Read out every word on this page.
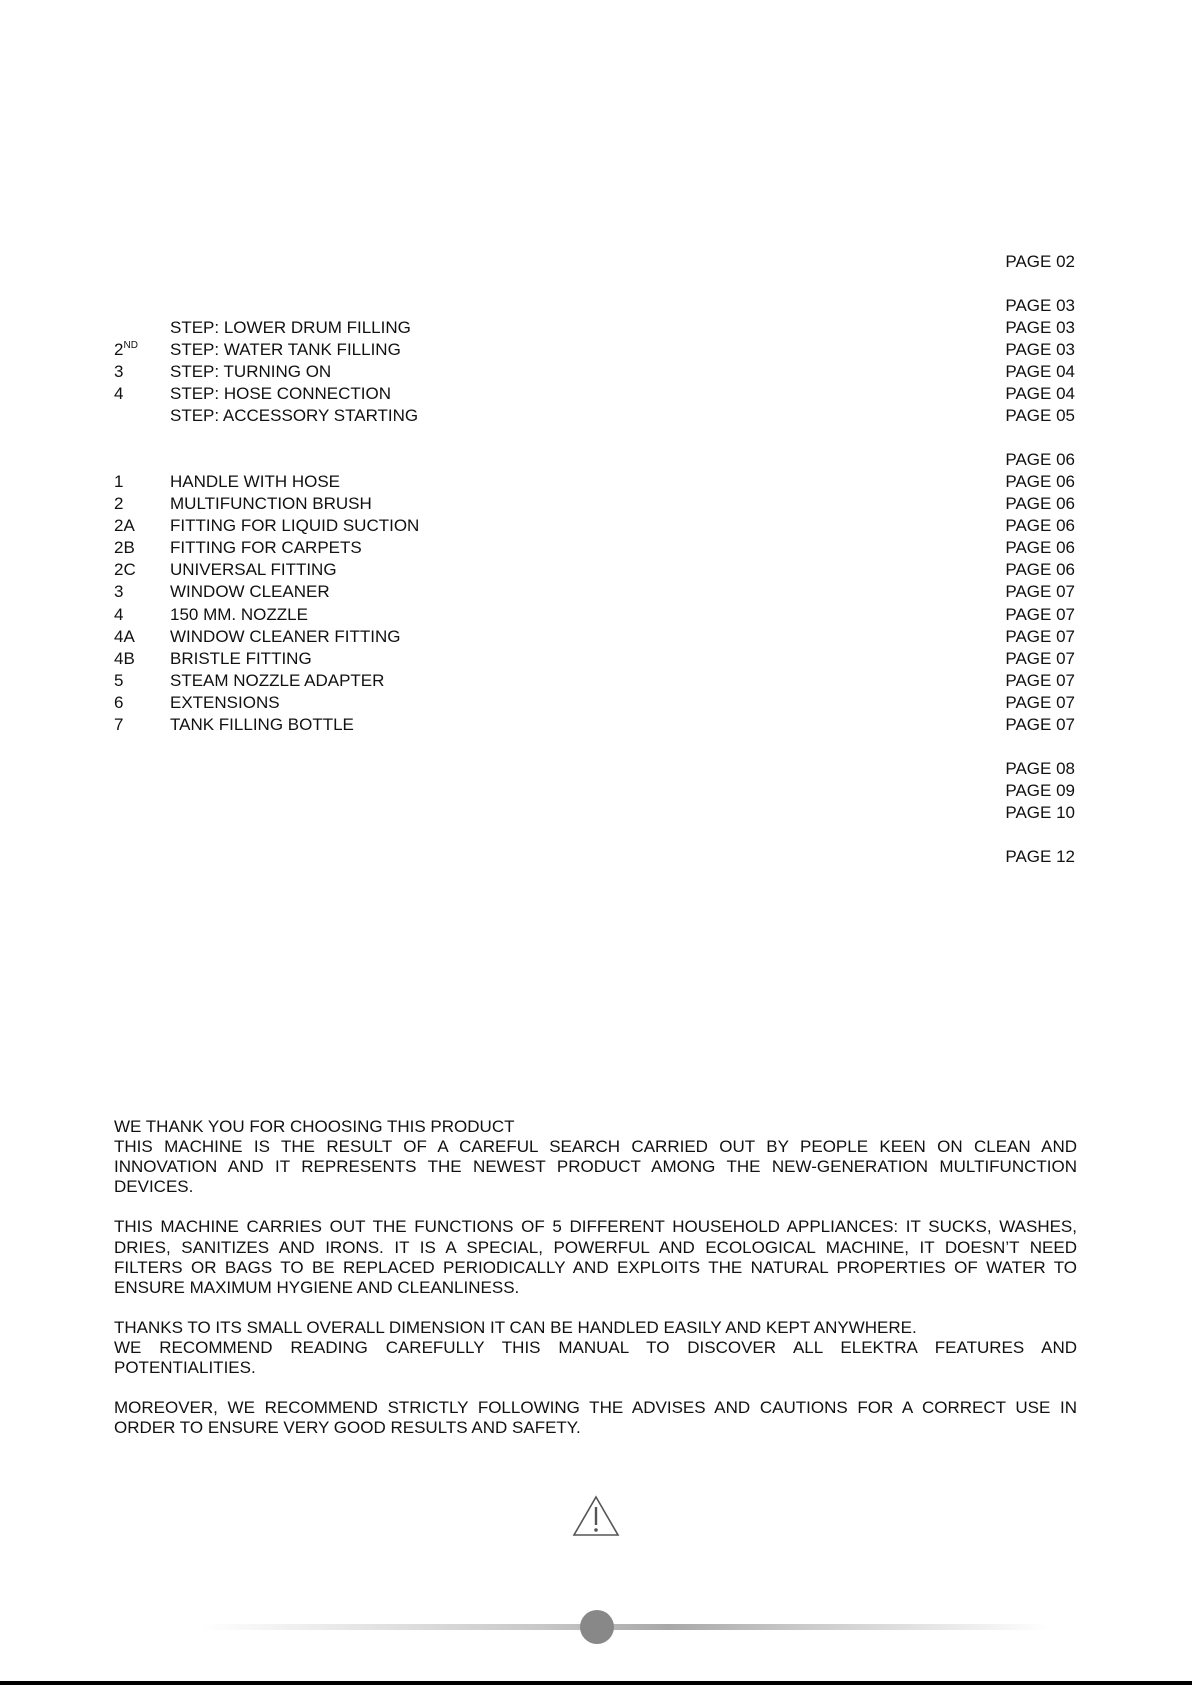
PAGE 02
PAGE 03
STEP: LOWER DRUM FILLING	PAGE 03
2ND STEP: WATER TANK FILLING	PAGE 03
3	STEP: TURNING ON	PAGE 04
4	STEP: HOSE CONNECTION	PAGE 04
STEP: ACCESSORY STARTING	PAGE 05
PAGE 06
1	HANDLE WITH HOSE	PAGE 06
2	MULTIFUNCTION BRUSH	PAGE 06
2A FITTING FOR LIQUID SUCTION	PAGE 06
2B FITTING FOR CARPETS	PAGE 06
2C UNIVERSAL FITTING	PAGE 06
3	WINDOW CLEANER	PAGE 07
4	150 MM. NOZZLE	PAGE 07
4A WINDOW CLEANER FITTING	PAGE 07
4B BRISTLE FITTING	PAGE 07
5	STEAM NOZZLE ADAPTER	PAGE 07
6	EXTENSIONS	PAGE 07
7	TANK FILLING BOTTLE	PAGE 07
PAGE 08
PAGE 09
PAGE 10
PAGE 12
WE THANK YOU FOR CHOOSING THIS PRODUCT
THIS MACHINE IS THE RESULT OF A CAREFUL SEARCH CARRIED OUT BY PEOPLE KEEN ON CLEAN AND
INNOVATION AND IT REPRESENTS THE NEWEST PRODUCT AMONG THE NEW-GENERATION MULTIFUNCTION
DEVICES.
THIS MACHINE CARRIES OUT THE FUNCTIONS OF 5 DIFFERENT HOUSEHOLD APPLIANCES: IT SUCKS, WASHES,
DRIES, SANITIZES AND IRONS. IT IS A SPECIAL, POWERFUL AND ECOLOGICAL MACHINE, IT DOESN’T NEED
FILTERS OR BAGS TO BE REPLACED PERIODICALLY AND EXPLOITS THE NATURAL PROPERTIES OF WATER TO
ENSURE MAXIMUM HYGIENE AND CLEANLINESS.
THANKS TO ITS SMALL OVERALL DIMENSION IT CAN BE HANDLED EASILY AND KEPT ANYWHERE.
WE RECOMMEND READING CAREFULLY THIS MANUAL TO DISCOVER ALL ELEKTRA FEATURES AND
POTENTIALITIES.
MOREOVER, WE RECOMMEND STRICTLY FOLLOWING THE ADVISES AND CAUTIONS FOR A CORRECT USE IN
ORDER TO ENSURE VERY GOOD RESULTS AND SAFETY.
